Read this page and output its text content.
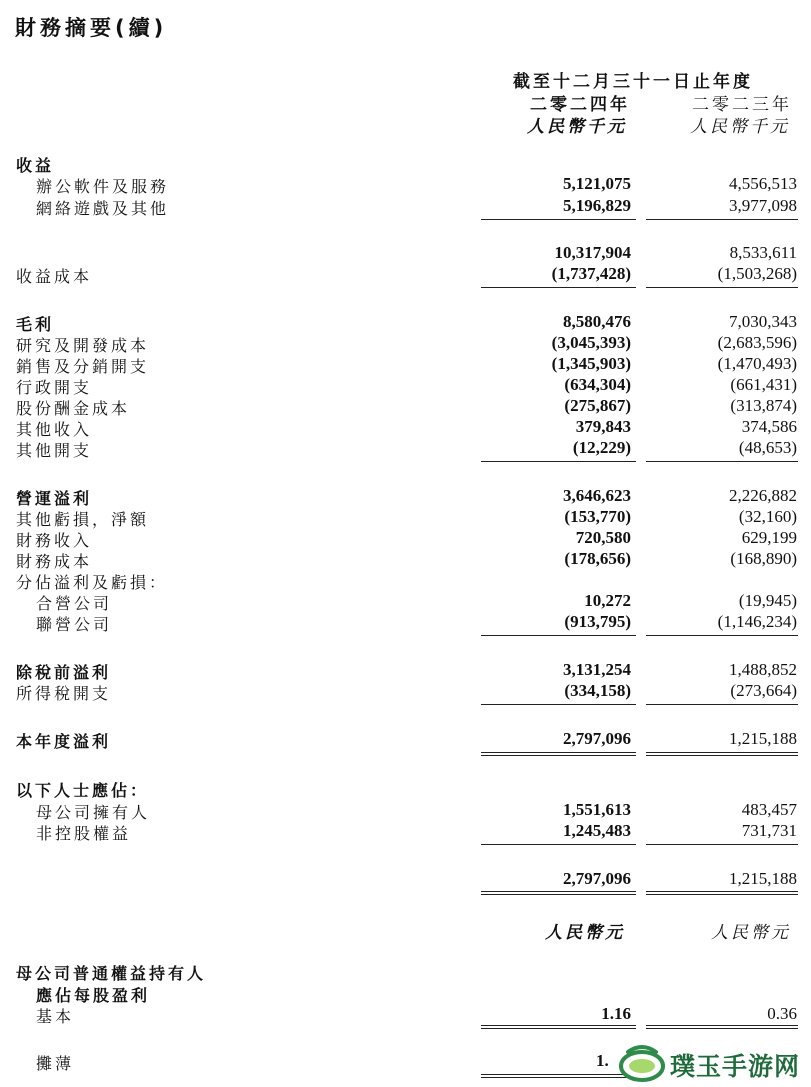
財務摘要(續)
截至十二月三十一日止年度
二零二四年	二零二三年
人民幣千元	人民幣千元
收益
辦公軟件及服務	5,121,075	4,556,513
網絡遊戲及其他	5,196,829	3,977,098
10,317,904	8,533,611
收益成本	(1,737,428)	(1,503,268)
毛利	8,580,476	7,030,343
研究及開發成本	(3,045,393)	(2,683,596)
銷售及分銷開支	(1,345,903)	(1,470,493)
行政開支	(634,304)	(661,431)
股份酬金成本	(275,867)	(313,874)
其他收入	379,843	374,586
其他開支	(12,229)	(48,653)
營運溢利	3,646,623	2,226,882
其他虧損，淨額	(153,770)	(32,160)
財務收入	720,580	629,199
財務成本	(178,656)	(168,890)
分佔溢利及虧損：
合營公司	10,272	(19,945)
聯營公司	(913,795)	(1,146,234)
除稅前溢利	3,131,254	1,488,852
所得稅開支	(334,158)	(273,664)
本年度溢利	2,797,096	1,215,188
以下人士應佔：
母公司擁有人	1,551,613	483,457
非控股權益	1,245,483	731,731
2,797,096	1,215,188
人民幣元	人民幣元
母公司普通權益持有人
應佔每股盈利
基本	1.16	0.36
攤薄	1. 璞玉手游网
